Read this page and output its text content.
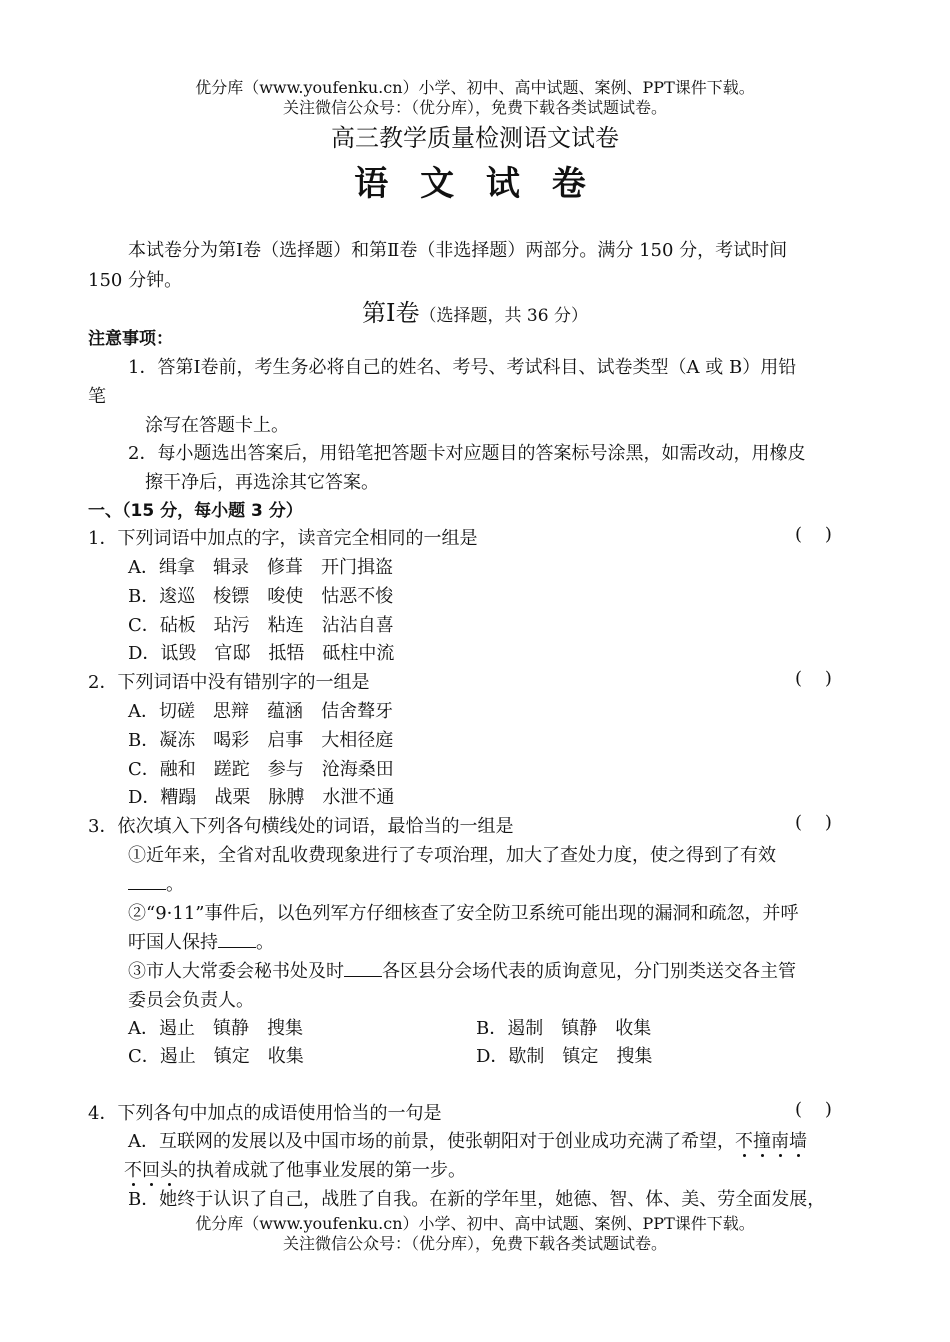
优分库（www.youfenku.cn）小学、初中、高中试题、案例、PPT课件下载。
关注微信公众号：（优分库），免费下载各类试题试卷。
高三教学质量检测语文试卷
语 文 试 卷
本试卷分为第Ⅰ卷（选择题）和第Ⅱ卷（非选择题）两部分。满分 150 分，考试时间
150 分钟。
第Ⅰ卷（选择题，共 36 分）
注意事项：
1．答第Ⅰ卷前，考生务必将自己的姓名、考号、考试科目、试卷类型（A 或 B）用铅
笔
涂写在答题卡上。
2．每小题选出答案后，用铅笔把答题卡对应题目的答案标号涂黑，如需改动，用橡皮
擦干净后，再选涂其它答案。
一、（15 分，每小题 3 分）
1．下列词语中加点的字，读音完全相同的一组是	(    )
A．缉拿　辑录　修葺　开门揖盗
B．逡巡　梭镖　唆使　怙恶不悛
C．砧板　玷污　粘连　沾沾自喜
D．诋毁　官邸　抵牾　砥柱中流
2．下列词语中没有错别字的一组是	(    )
A．切磋　思辩　蕴涵　佶舍聱牙
B．凝冻　喝彩　启事　大相径庭
C．融和　蹉跎　参与　沧海桑田
D．糟蹋　战栗　脉膊　水泄不通
3．依次填入下列各句横线处的词语，最恰当的一组是	(    )
①近年来，全省对乱收费现象进行了专项治理，加大了查处力度，使之得到了有效
。
②“9·11”事件后，以色列军方仔细核查了安全防卫系统可能出现的漏洞和疏忽，并呼
吁国人保持 。
③市人大常委会秘书处及时 各区县分会场代表的质询意见，分门别类送交各主管
委员会负责人。
A．遏止　镇静　搜集	B．遏制　镇静　收集
C．遏止　镇定　收集	D．歇制　镇定　搜集
4．下列各句中加点的成语使用恰当的一句是	(    )
A．互联网的发展以及中国市场的前景，使张朝阳对于创业成功充满了希望，不撞南墙
不回头的执着成就了他事业发展的第一步。
B．她终于认识了自己，战胜了自我。在新的学年里，她德、智、体、美、劳全面发展，
优分库（www.youfenku.cn）小学、初中、高中试题、案例、PPT课件下载。
关注微信公众号：（优分库），免费下载各类试题试卷。
